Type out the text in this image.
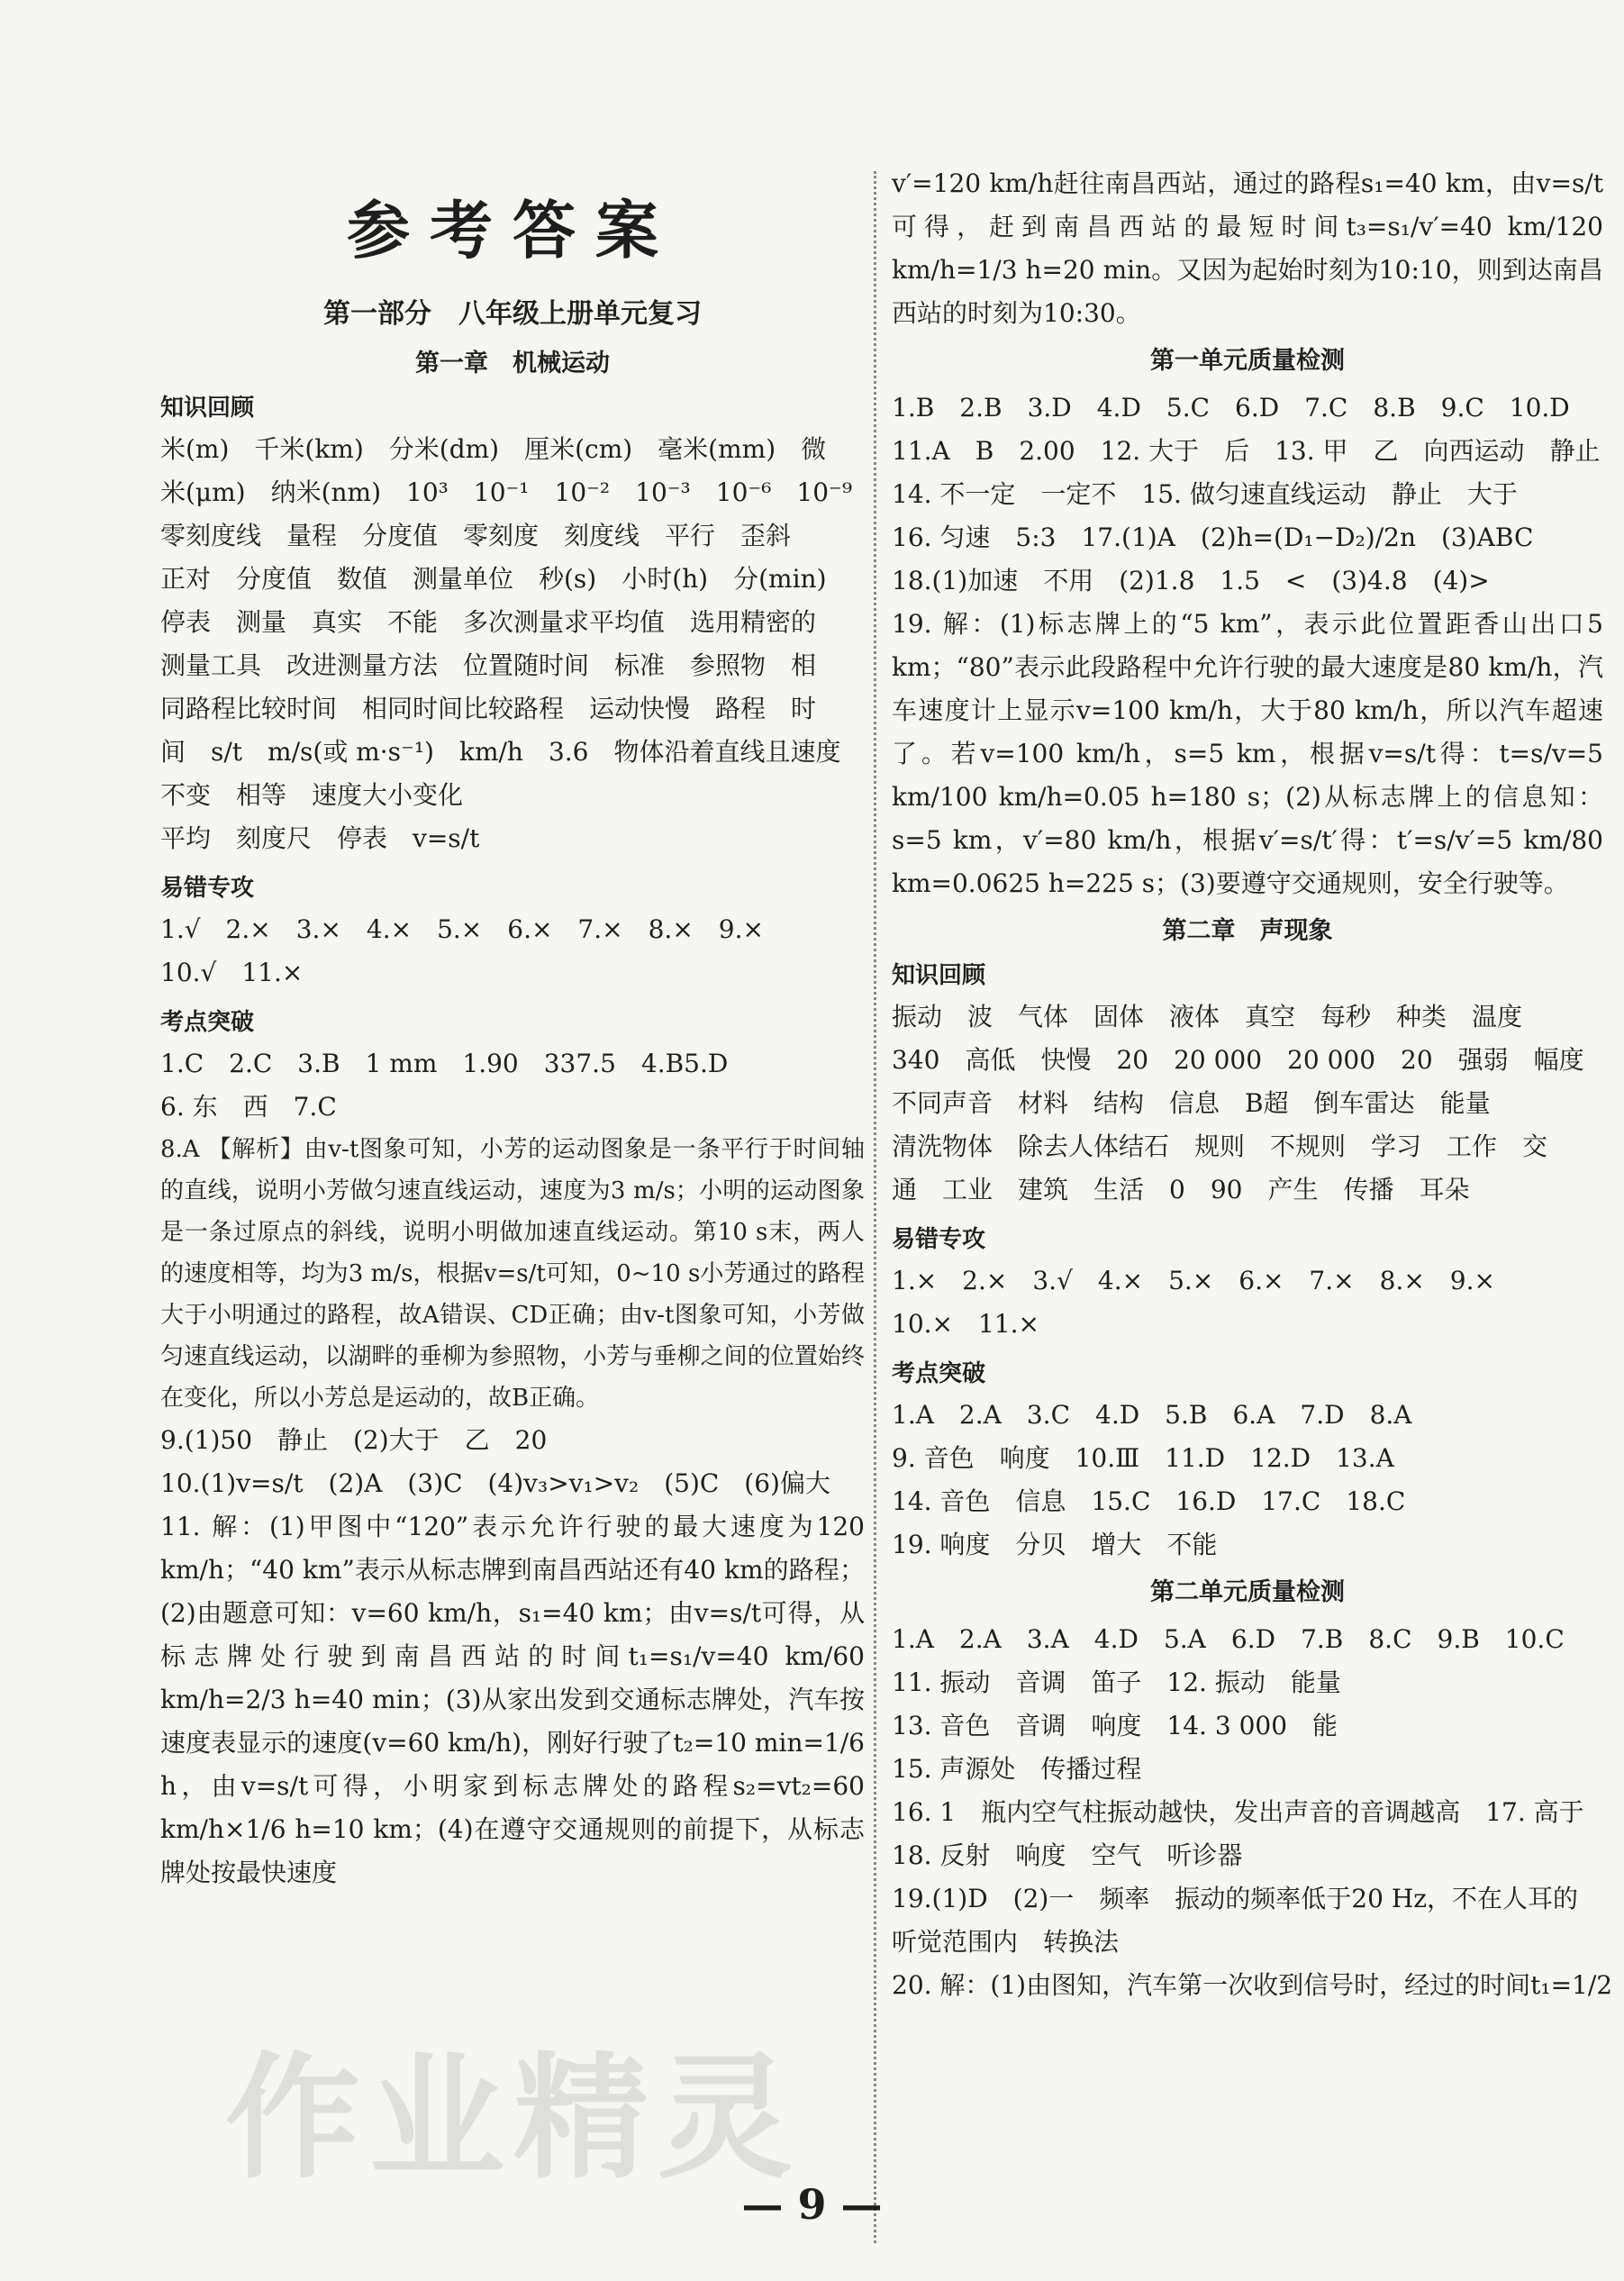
参考答案
第一部分　八年级上册单元复习
第一章　机械运动
知识回顾
米(m)　千米(km)　分米(dm)　厘米(cm)　毫米(mm)　微
米(μm)　纳米(nm)　10³　10⁻¹　10⁻²　10⁻³　10⁻⁶　10⁻⁹
零刻度线　量程　分度值　零刻度　刻度线　平行　歪斜
正对　分度值　数值　测量单位　秒(s)　小时(h)　分(min)
停表　测量　真实　不能　多次测量求平均值　选用精密的
测量工具　改进测量方法　位置随时间　标准　参照物　相
同路程比较时间　相同时间比较路程　运动快慢　路程　时
间　s/t　m/s(或 m·s⁻¹)　km/h　3.6　物体沿着直线且速度
不变　相等　速度大小变化
平均　刻度尺　停表　v=s/t
易错专攻
1.√　2.×　3.×　4.×　5.×　6.×　7.×　8.×　9.×
10.√　11.×
考点突破
1.C　2.C　3.B　1 mm　1.90　337.5　4.B5.D
6. 东　西　7.C
8.A 【解析】由v-t图象可知，小芳的运动图象是一条平行于时间轴的直线，说明小芳做匀速直线运动，速度为3 m/s；小明的运动图象是一条过原点的斜线，说明小明做加速直线运动。第10 s末，两人的速度相等，均为3 m/s，根据v=s/t可知，0~10 s小芳通过的路程大于小明通过的路程，故A错误、CD正确；由v-t图象可知，小芳做匀速直线运动，以湖畔的垂柳为参照物，小芳与垂柳之间的位置始终在变化，所以小芳总是运动的，故B正确。
9.(1)50　静止　(2)大于　乙　20
10.(1)v=s/t　(2)A　(3)C　(4)v₃>v₁>v₂　(5)C　(6)偏大
11. 解：(1)甲图中“120”表示允许行驶的最大速度为120 km/h；“40 km”表示从标志牌到南昌西站还有40 km的路程；(2)由题意可知：v=60 km/h，s₁=40 km；由v=s/t可得，从标志牌处行驶到南昌西站的时间t₁=s₁/v=40 km/60 km/h=2/3 h=40 min；(3)从家出发到交通标志牌处，汽车按速度表显示的速度(v=60 km/h)，刚好行驶了t₂=10 min=1/6 h，由v=s/t可得，小明家到标志牌处的路程s₂=vt₂=60 km/h×1/6 h=10 km；(4)在遵守交通规则的前提下，从标志牌处按最快速度
v′=120 km/h赶往南昌西站，通过的路程s₁=40 km，由v=s/t可得，赶到南昌西站的最短时间t₃=s₁/v′=40 km/120 km/h=1/3 h=20 min。又因为起始时刻为10:10，则到达南昌西站的时刻为10:30。
第一单元质量检测
1.B　2.B　3.D　4.D　5.C　6.D　7.C　8.B　9.C　10.D
11.A　B　2.00　12. 大于　后　13. 甲　乙　向西运动　静止
14. 不一定　一定不　15. 做匀速直线运动　静止　大于
16. 匀速　5:3　17.(1)A　(2)h=(D₁−D₂)/2n　(3)ABC
18.(1)加速　不用　(2)1.8　1.5　<　(3)4.8　(4)>
19. 解：(1)标志牌上的“5 km”，表示此位置距香山出口5 km；“80”表示此段路程中允许行驶的最大速度是80 km/h，汽车速度计上显示v=100 km/h，大于80 km/h，所以汽车超速了。若v=100 km/h，s=5 km，根据v=s/t得：t=s/v=5 km/100 km/h=0.05 h=180 s；(2)从标志牌上的信息知：s=5 km，v′=80 km/h，根据v′=s/t′得：t′=s/v′=5 km/80 km=0.0625 h=225 s；(3)要遵守交通规则，安全行驶等。
第二章　声现象
知识回顾
振动　波　气体　固体　液体　真空　每秒　种类　温度
340　高低　快慢　20　20 000　20 000　20　强弱　幅度
不同声音　材料　结构　信息　B超　倒车雷达　能量
清洗物体　除去人体结石　规则　不规则　学习　工作　交
通　工业　建筑　生活　0　90　产生　传播　耳朵
易错专攻
1.×　2.×　3.√　4.×　5.×　6.×　7.×　8.×　9.×
10.×　11.×
考点突破
1.A　2.A　3.C　4.D　5.B　6.A　7.D　8.A
9. 音色　响度　10.Ⅲ　11.D　12.D　13.A
14. 音色　信息　15.C　16.D　17.C　18.C
19. 响度　分贝　增大　不能
第二单元质量检测
1.A　2.A　3.A　4.D　5.A　6.D　7.B　8.C　9.B　10.C
11. 振动　音调　笛子　12. 振动　能量
13. 音色　音调　响度　14. 3 000　能
15. 声源处　传播过程
16. 1　瓶内空气柱振动越快，发出声音的音调越高　17. 高于
18. 反射　响度　空气　听诊器
19.(1)D　(2)一　频率　振动的频率低于20 Hz，不在人耳的
听觉范围内　转换法
20. 解：(1)由图知，汽车第一次收到信号时，经过的时间t₁=1/2
作业精灵
— 9 —
